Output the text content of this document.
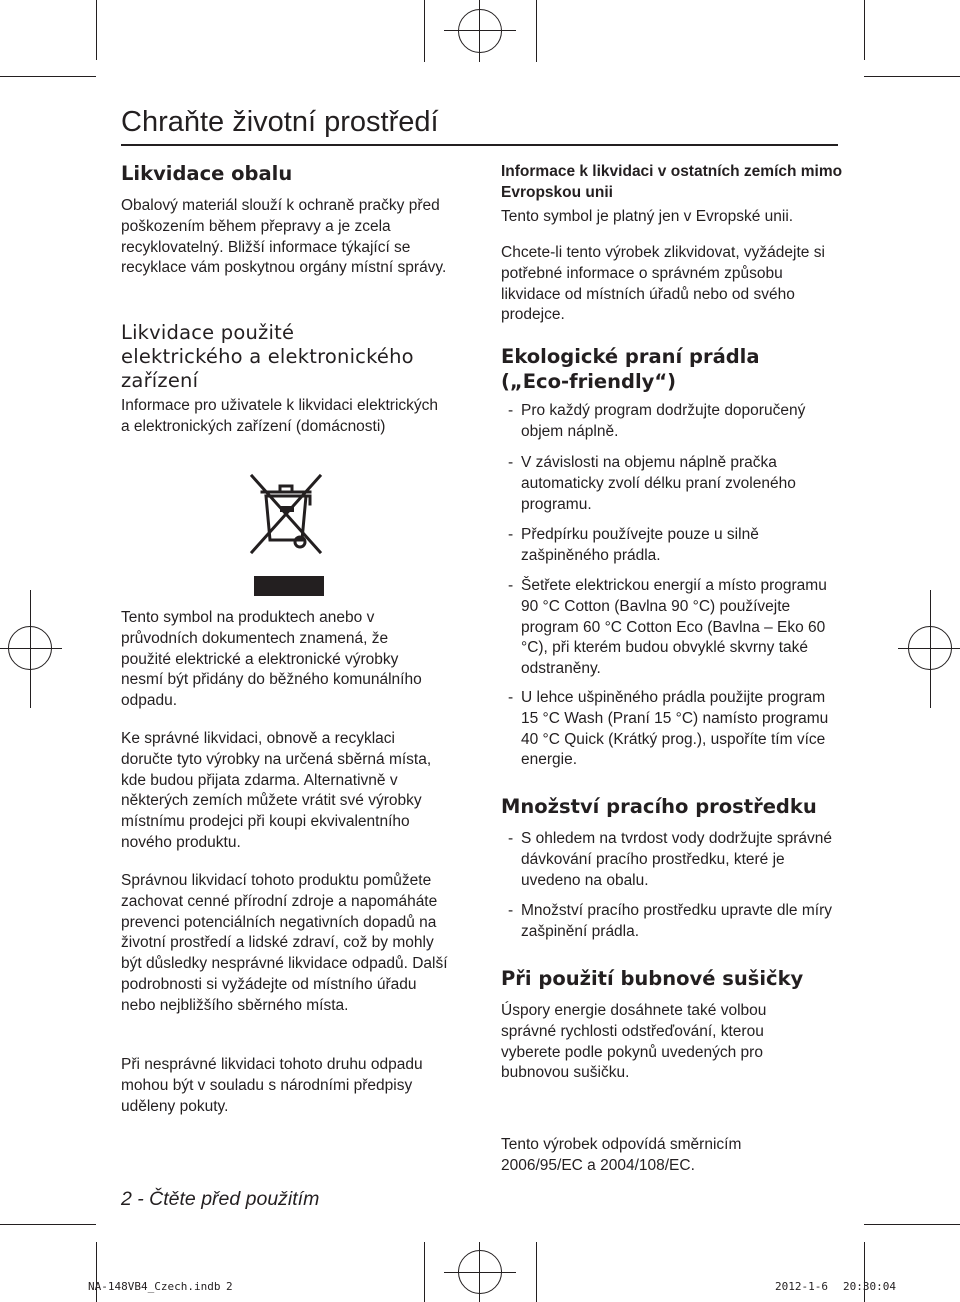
Chraňte životní prostředí
Likvidace obalu

Obalový materiál slouží k ochraně pračky před poškozením během přepravy a je zcela recyklovatelný. Bližší informace týkající se recyklace vám poskytnou orgány místní správy.

Likvidace použité elektrického a elektronického zařízení

Informace pro uživatele k likvidaci elektrických a elektronických zařízení (domácnosti)

Tento symbol na produktech anebo v průvodních dokumentech znamená, že použité elektrické a elektronické výrobky nesmí být přidány do běžného komunálního odpadu.

Ke správné likvidaci, obnově a recyklaci doručte tyto výrobky na určená sběrná místa, kde budou přijata zdarma. Alternativně v některých zemích můžete vrátit své výrobky místnímu prodejci při koupi ekvivalentního nového produktu.

Správnou likvidací tohoto produktu pomůžete zachovat cenné přírodní zdroje a napomáháte prevenci potenciálních negativních dopadů na životní prostředí a lidské zdraví, což by mohly být důsledky nesprávné likvidace odpadů. Další podrobnosti si vyžádejte od místního úřadu nebo nejbližšího sběrného místa.

Při nesprávné likvidaci tohoto druhu odpadu mohou být v souladu s národními předpisy uděleny pokuty.

2 - Čtěte před použitím

Informace k likvidaci v ostatních zemích mimo Evropskou unii

Tento symbol je platný jen v Evropské unii.

Chcete-li tento výrobek zlikvidovat, vyžádejte si potřebné informace o správném způsobu likvidace od místních úřadů nebo od svého prodejce.

Ekologické praní prádla
(„Eco-friendly“)
- Pro každý program dodržujte doporučený objem náplně.
- V závislosti na objemu náplně pračka automaticky zvolí délku praní zvoleného programu.
- Předpírku používejte pouze u silně zašpiněného prádla.
- Šetřete elektrickou energií a místo programu 90 °C Cotton (Bavlna 90 °C) používejte program 60 °C Cotton Eco (Bavlna – Eko 60 °C), při kterém budou obvyklé skvrny také odstraněny.
- U lehce ušpiněného prádla použijte program 15 °C Wash (Praní 15 °C) namísto programu 40 °C Quick (Krátký prog.), uspoříte tím více energie.
Množství pracího prostředku
- S ohledem na tvrdost vody dodržujte správné dávkování pracího prostředku, které je uvedeno na obalu.
- Množství pracího prostředku upravte dle míry zašpinění prádla.
Při použití bubnové sušičky

Úspory energie dosáhnete také volbou správné rychlosti odstřeďování, kterou vyberete podle pokynů uvedených pro bubnovou sušičku.

Tento výrobek odpovídá směrnicím 2006/95/EC a 2004/108/EC.

NA-148VB4_Czech.indb 2	2012-1-6 20:30:04
